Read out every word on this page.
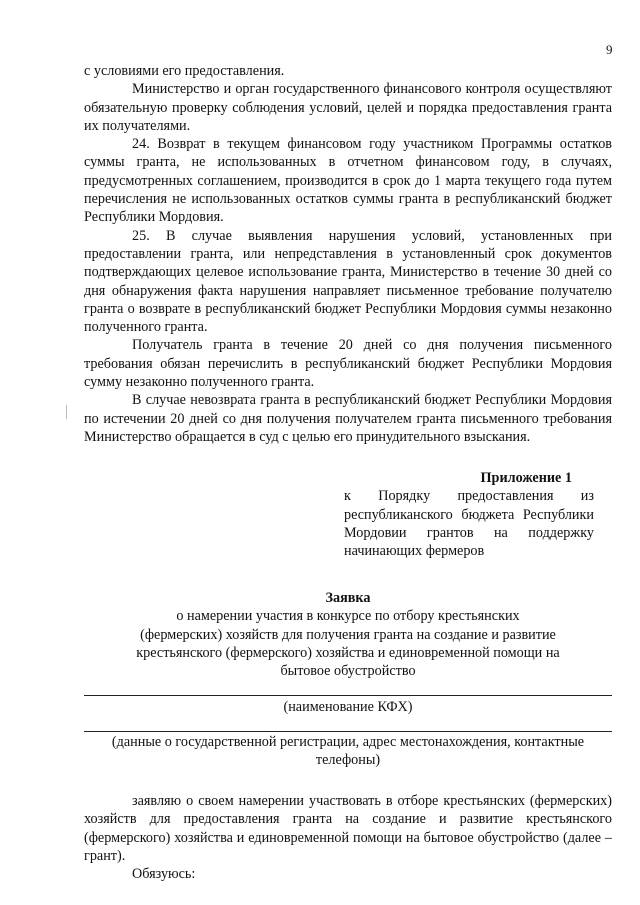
9

с условиями его предоставления.

Министерство и орган государственного финансового контроля осуществляют обязательную проверку соблюдения условий, целей и порядка предоставления гранта их получателями.

24. Возврат в текущем финансовом году участником Программы остатков суммы гранта, не использованных в отчетном финансовом году, в случаях, предусмотренных соглашением, производится в срок до 1 марта текущего года путем перечисления не использованных остатков суммы гранта в республиканский бюджет Республики Мордовия.

25. В случае выявления нарушения условий, установленных при предоставлении гранта, или непредставления в установленный срок документов подтверждающих целевое использование гранта, Министерство в течение 30 дней со дня обнаружения факта нарушения направляет письменное требование получателю гранта о возврате в республиканский бюджет Республики Мордовия суммы незаконно полученного гранта.

Получатель гранта в течение 20 дней со дня получения письменного требования обязан перечислить в республиканский бюджет Республики Мордовия сумму незаконно полученного гранта.

В случае невозврата гранта в республиканский бюджет Республики Мордовия по истечении 20 дней со дня получения получателем гранта письменного требования Министерство обращается в суд с целью его принудительного взыскания.

Приложение 1

к Порядку предоставления из республиканского бюджета Республики Мордовии грантов на поддержку начинающих фермеров

Заявка

о намерении участия в конкурсе по отбору крестьянских (фермерских) хозяйств для получения гранта на создание и развитие крестьянского (фермерского) хозяйства и единовременной помощи на бытовое обустройство

(наименование КФХ)
(данные о государственной регистрации, адрес местонахождения, контактные телефоны)

заявляю о своем намерении участвовать в отборе крестьянских (фермерских) хозяйств для предоставления гранта на создание и развитие крестьянского (фермерского) хозяйства и единовременной помощи на бытовое обустройство (далее – грант).

Обязуюсь:
